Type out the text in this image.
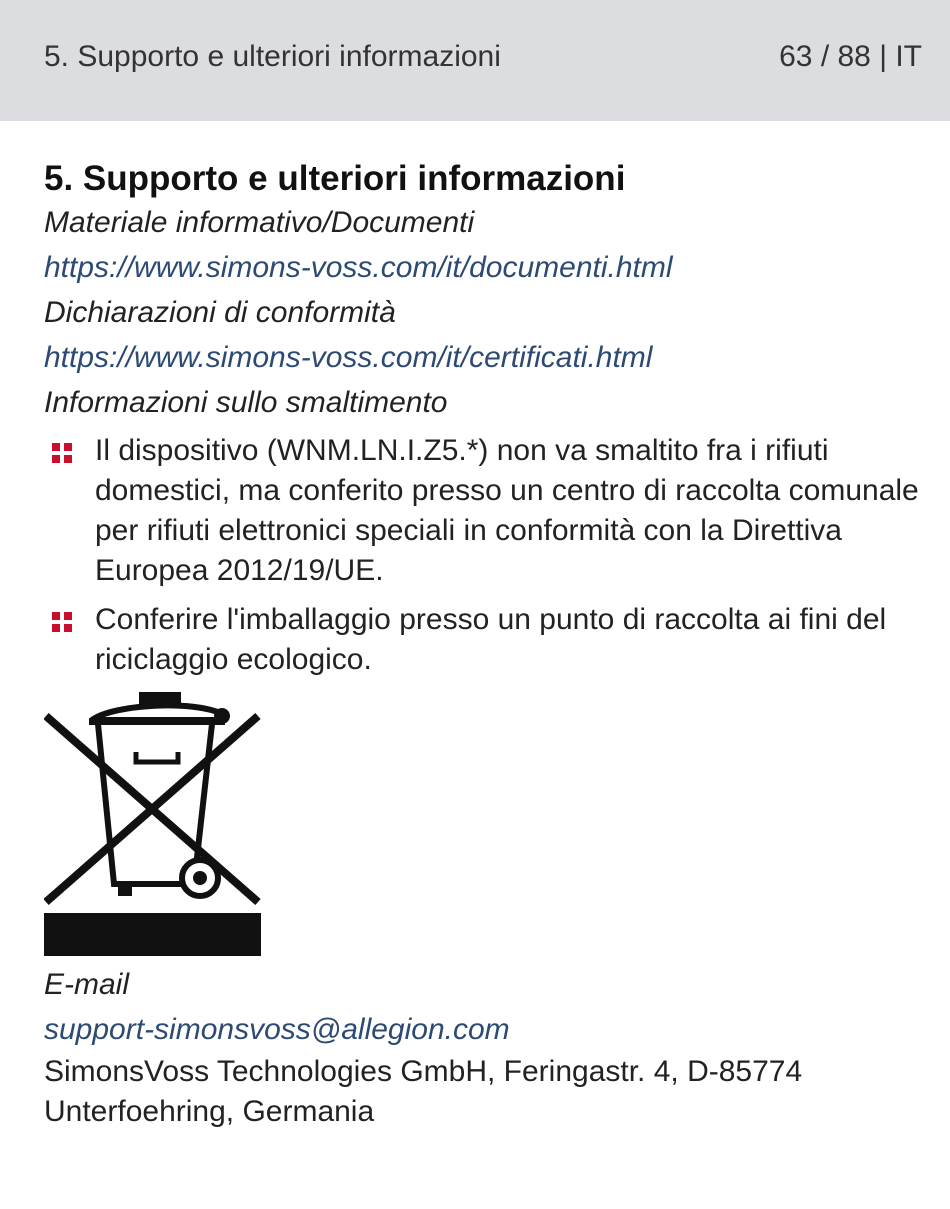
5. Supporto e ulteriori informazioni	63 / 88 | IT
5. Supporto e ulteriori informazioni

Materiale informativo/Documenti

https://www.simons-voss.com/it/documenti.html

Dichiarazioni di conformità

https://www.simons-voss.com/it/certificati.html

Informazioni sullo smaltimento

Il dispositivo (WNM.LN.I.Z5.*) non va smaltito fra i rifiuti domestici, ma conferito presso un centro di raccolta comunale per rifiuti elettronici speciali in conformità con la Direttiva Europea 2012/19/UE.
Conferire l'imballaggio presso un punto di raccolta ai fini del riciclaggio ecologico.

E-mail

support-simonsvoss@allegion.com

SimonsVoss Technologies GmbH, Feringastr. 4, D-85774 Unterfoehring, Germania
